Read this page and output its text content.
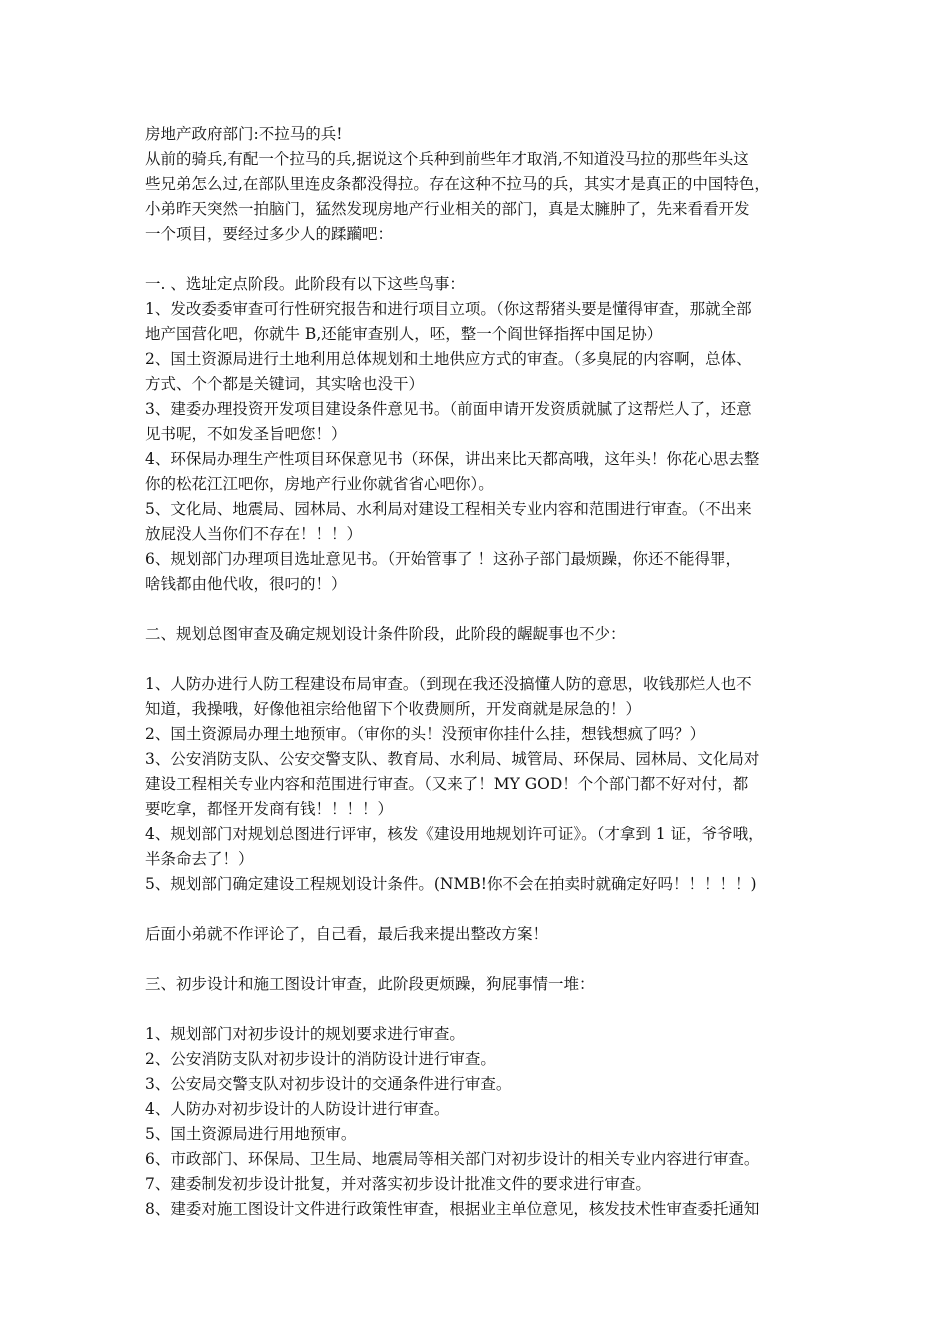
房地产政府部门:不拉马的兵!
从前的骑兵,有配一个拉马的兵,据说这个兵种到前些年才取消,不知道没马拉的那些年头这
些兄弟怎么过,在部队里连皮条都没得拉。存在这种不拉马的兵，其实才是真正的中国特色，
小弟昨天突然一拍脑门，猛然发现房地产行业相关的部门，真是太臃肿了，先来看看开发
一个项目，要经过多少人的蹂躏吧：
一. 、选址定点阶段。此阶段有以下这些鸟事：
1、发改委委审查可行性研究报告和进行项目立项。（你这帮猪头要是懂得审查，那就全部
地产国营化吧，你就牛 B,还能审查别人，呸，整一个阎世铎指挥中国足协）
2、国土资源局进行土地利用总体规划和土地供应方式的审查。（多臭屁的内容啊，总体、
方式、个个都是关键词，其实啥也没干）
3、建委办理投资开发项目建设条件意见书。（前面申请开发资质就腻了这帮烂人了，还意
见书呢，不如发圣旨吧您！）
4、环保局办理生产性项目环保意见书（环保，讲出来比天都高哦，这年头！你花心思去整
你的松花江江吧你，房地产行业你就省省心吧你）。
5、文化局、地震局、园林局、水利局对建设工程相关专业内容和范围进行审查。（不出来
放屁没人当你们不存在！！！）
6、规划部门办理项目选址意见书。（开始管事了 ！这孙子部门最烦躁，你还不能得罪，
啥钱都由他代收，很叼的！）
二、规划总图审查及确定规划设计条件阶段，此阶段的龌龊事也不少：
1、人防办进行人防工程建设布局审查。（到现在我还没搞懂人防的意思，收钱那烂人也不
知道，我操哦，好像他祖宗给他留下个收费厕所，开发商就是尿急的！）
2、国土资源局办理土地预审。（审你的头！没预审你挂什么挂，想钱想疯了吗？）
3、公安消防支队、公安交警支队、教育局、水利局、城管局、环保局、园林局、文化局对
建设工程相关专业内容和范围进行审查。（又来了！MY GOD！个个部门都不好对付，都
要吃拿，都怪开发商有钱！！！！）
4、规划部门对规划总图进行评审，核发《建设用地规划许可证》。（才拿到 1 证，爷爷哦，
半条命去了！）
5、规划部门确定建设工程规划设计条件。(NMB!你不会在拍卖时就确定好吗！！！！！)
后面小弟就不作评论了，自己看，最后我来提出整改方案！
三、初步设计和施工图设计审查，此阶段更烦躁，狗屁事情一堆：
1、规划部门对初步设计的规划要求进行审查。
2、公安消防支队对初步设计的消防设计进行审查。
3、公安局交警支队对初步设计的交通条件进行审查。
4、人防办对初步设计的人防设计进行审查。
5、国土资源局进行用地预审。
6、市政部门、环保局、卫生局、地震局等相关部门对初步设计的相关专业内容进行审查。
7、建委制发初步设计批复，并对落实初步设计批准文件的要求进行审查。
8、建委对施工图设计文件进行政策性审查，根据业主单位意见，核发技术性审查委托通知
